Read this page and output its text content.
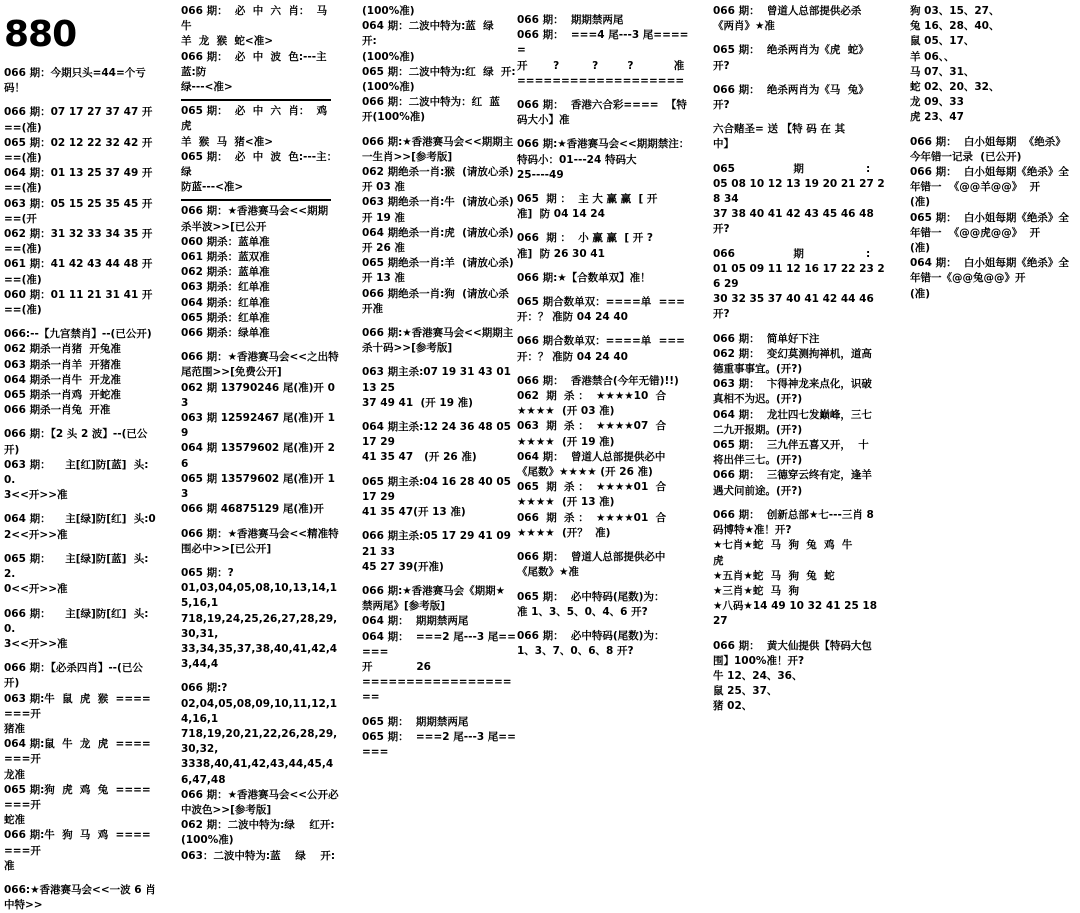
880

066 期：今期只头=44=个亏码！

066 期：07 17 27 37 47 开==(准)

065 期：02 12 22 32 42 开==(准)

064 期：01 13 25 37 49 开==(准)

063 期：05 15 25 35 45 开==(开

062 期：31 32 33 34 35 开==(准)

061 期：41 42 43 44 48 开==(准)

060 期：01 11 21 31 41 开==(准)

066:--【九宫禁肖】--(已公开)

062 期杀一肖猪  开兔准

063 期杀一肖羊  开猪准

064 期杀一肖牛  开龙准

065 期杀一肖鸡  开蛇准

066 期杀一肖兔  开准

066 期：【2 头 2 波】--(已公开)

063 期：    主[红]防[蓝]  头:0.

3<<开>>准

064 期：    主[绿]防[红]  头:0

2<<开>>准

065 期：    主[绿]防[蓝]  头:2.

0<<开>>准

066 期：    主[绿]防[红]  头:0.

3<<开>>准

066 期：【必杀四肖】--(已公开)

063 期:牛  鼠  虎  猴  =======开

猪准

064 期:鼠  牛  龙  虎  =======开

龙准

065 期:狗  虎  鸡  兔  =======开

蛇准

066 期:牛  狗  马  鸡  =======开

准

066:★香港赛马会<<一波 6 肖

中特>>

066 期：  必  中  六  肖：  马  牛

羊  龙  猴  蛇<准>

066 期：  必  中  波  色:---主蓝:防

绿---<准>

065 期：  必  中  六  肖：  鸡  虎

羊  猴  马  猪<准>

065 期：  必  中  波  色:---主：绿

防蓝---<准>

066 期：★香港赛马会<<期期

杀半波>>[已公开

060 期杀：蓝单准

061 期杀：蓝双准

062 期杀：蓝单准

063 期杀：红单准

064 期杀：红单准

065 期杀：红单准

066 期杀：绿单准

066 期：★香港赛马会<<之出特

尾范围>>[免费公开]

062 期 13790246 尾(准)开 03

063 期 12592467 尾(准)开 19

064 期 13579602 尾(准)开 26

065 期 13579602 尾(准)开 13

066 期 46875129 尾(准)开

066 期：★香港赛马会<<精准特

围必中>>[已公开]

065 期：?

01,03,04,05,08,10,13,14,15,16,1

718,19,24,25,26,27,28,29,30,31,

33,34,35,37,38,40,41,42,43,44,4

066 期:?

02,04,05,08,09,10,11,12,14,16,1

718,19,20,21,22,26,28,29,30,32,

3338,40,41,42,43,44,45,46,47,48

066 期：★香港赛马会<<公开必

中波色>>[参考版]

062 期：二波中特为:绿    红开:

(100%准)

063：二波中特为:蓝    绿    开:

(100%准)

064 期：二波中特为:蓝  绿    开:

(100%准)

065 期：二波中特为:红  绿  开:

(100%准)

066 期：二波中特为：红  蓝

开(100%准)

066 期:★香港赛马会<<期期主

一生肖>>[参考版]

062 期绝杀一肖:猴  (请放心杀)

开 03 准

063 期绝杀一肖:牛  (请放心杀)

开 19 准

064 期绝杀一肖:虎  (请放心杀)

开 26 准

065 期绝杀一肖:羊  (请放心杀)

开 13 准

066 期绝杀一肖:狗  (请放心杀

开准

066 期:★香港赛马会<<期期主

杀十码>>[参考版]

063 期主杀:07 19 31 43 01 13 25

37 49 41  (开 19 准)

064 期主杀:12 24 36 48 05 17 29

41 35 47   (开 26 准)

065 期主杀:04 16 28 40 05 17 29

41 35 47(开 13 准)

066 期主杀:05 17 29 41 09 21 33

45 27 39(开准)

066 期:★香港赛马会《期期★

禁两尾》[参考版]

064 期：  期期禁两尾

064 期：  ===2 尾---3 尾=====

开            26

===================

065 期：  期期禁两尾

065 期：  ===2 尾---3 尾=====

066 期：  期期禁两尾

066 期：  ===4 尾---3 尾=====

开       ?         ?        ?           准

===================

066 期：  香港六合彩====  【特

码大小】准

066 期:★香港赛马会<<期期禁注：  特码小：01---24 特码大

25----49

065  期 ：  主 大 赢 赢  [ 开

准]  防 04 14 24

066  期 ：  小 赢 赢  [ 开 ?

准]  防 26 30 41

066 期:★【合数单双】准！

065 期合数单双：====单  ===

开：？ 准防 04 24 40

066 期合数单双：====单  ===

开：？ 准防 04 24 40

066 期：  香港禁合(今年无错)!!)

062  期  杀 ：  ★★★★10  合

★★★★  (开 03 准)

063  期  杀 ：  ★★★★07  合

★★★★  (开 19 准)

064 期：  曾道人总部提供必中

《尾数》★★★★ (开 26 准)

065  期  杀 ：  ★★★★01  合

★★★★  (开 13 准)

066  期  杀 ：  ★★★★01  合

★★★★  (开？  准)

066 期：  曾道人总部提供必中

《尾数》★准

065 期：  必中特码(尾数)为：

准 1、3、5、0、4、6 开?

066 期：  必中特码(尾数)为：

1、3、7、0、6、8 开?

066 期：  曾道人总部提供必杀

《两肖》★准

065 期：  绝杀两肖为《虎  蛇》

开?

066 期：  绝杀两肖为《马  兔》

开?

六合赌圣= 送 【特 码 在 其

中】

065                期                 :

05 08 10 12 13 19 20 21 27 28 34

37 38 40 41 42 43 45 46 48 开?

066                期                 :

01 05 09 11 12 16 17 22 23 26 29

30 32 35 37 40 41 42 44 46 开?

066 期：  简单好下注

062 期：  变幻莫测拘禅机，道高

德重事事宜。(开?)

063 期：  卞得神龙来点化，识破

真相不为迟。(开?)

064 期：  龙壮四七发巅峰，三七

二九开报期。(开?)

065 期：  三九伴五喜又开，  十

将出伴三七。(开?)

066 期：  三德穿云终有定，逢羊

遇犬问前途。(开?)

066 期：  创新总部★七---三肖 8

码博特★准！开?

★七肖★蛇  马  狗  兔  鸡  牛

虎

★五肖★蛇  马  狗  兔  蛇

★三肖★蛇  马  狗

★八码★14 49 10 32 41 25 18

27

066 期：  黄大仙提供【特码大包

围】100%准！开?

牛 12、24、36、

鼠 25、37、

猪 02、

狗 03、15、27、

兔 16、28、40、

鼠 05、17、

羊 06、、

马 07、31、

蛇 02、20、32、

龙 09、33

虎 23、47

066 期：  白小姐每期  《绝杀》

今年错一记录  (已公开)

066 期：  白小姐每期《绝杀》全

年错一  《@@羊@@》  开

(准)

065 期：  白小姐每期《绝杀》全

年错一  《@@虎@@》  开

(准)

064 期：  白小姐每期《绝杀》全

年错一《@@兔@@》开

(准)
